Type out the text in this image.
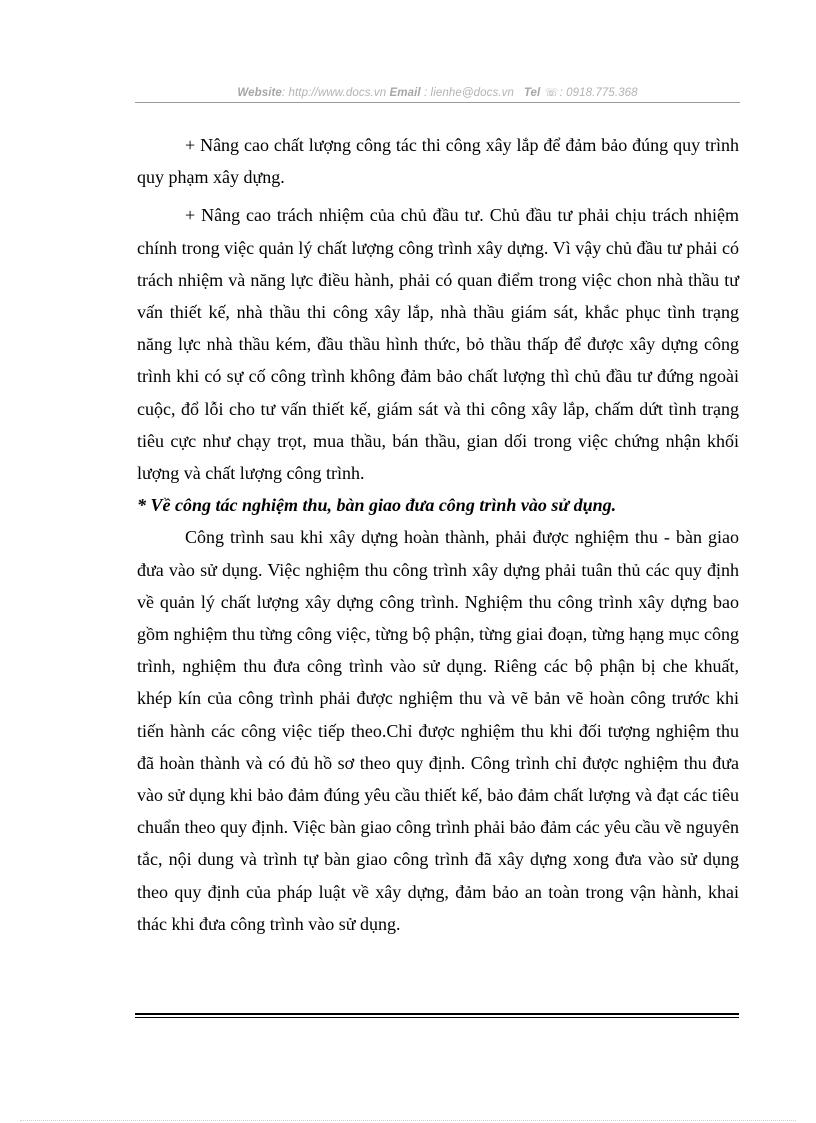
Website: http://www.docs.vn Email : lienhe@docs.vn Tel ☏: 0918.775.368

+ Nâng cao chất lượng công tác thi công xây lắp để đảm bảo đúng quy trình quy phạm xây dựng.

+ Nâng cao trách nhiệm của chủ đầu tư. Chủ đầu tư phải chịu trách nhiệm chính trong việc quản lý chất lượng công trình xây dựng. Vì vậy chủ đầu tư phải có trách nhiệm và năng lực điều hành, phải có quan điểm trong việc chon nhà thầu tư vấn thiết kế, nhà thầu thi công xây lắp, nhà thầu giám sát, khắc phục tình trạng năng lực nhà thầu kém, đầu thầu hình thức, bỏ thầu thấp để được xây dựng công trình khi có sự cố công trình không đảm bảo chất lượng thì chủ đầu tư đứng ngoài cuộc, đổ lỗi cho tư vấn thiết kế, giám sát và thi công xây lắp, chấm dứt tình trạng tiêu cực như chạy trọt, mua thầu, bán thầu, gian dối trong việc chứng nhận khối lượng và chất lượng công trình.

* Về công tác nghiệm thu, bàn giao đưa công trình vào sử dụng.

Công trình sau khi xây dựng hoàn thành, phải được nghiệm thu - bàn giao đưa vào sử dụng. Việc nghiệm thu công trình xây dựng phải tuân thủ các quy định về quản lý chất lượng xây dựng công trình. Nghiệm thu công trình xây dựng bao gồm nghiệm thu từng công việc, từng bộ phận, từng giai đoạn, từng hạng mục công trình, nghiệm thu đưa công trình vào sử dụng. Riêng các bộ phận bị che khuất, khép kín của công trình phải được nghiệm thu và vẽ bản vẽ hoàn công trước khi tiến hành các công việc tiếp theo.Chỉ được nghiệm thu khi đối tượng nghiệm thu đã hoàn thành và có đủ hồ sơ theo quy định. Công trình chỉ được nghiệm thu đưa vào sử dụng khi bảo đảm đúng yêu cầu thiết kế, bảo đảm chất lượng và đạt các tiêu chuẩn theo quy định. Việc bàn giao công trình phải bảo đảm các yêu cầu về nguyên tắc, nội dung và trình tự bàn giao công trình đã xây dựng xong đưa vào sử dụng theo quy định của pháp luật về xây dựng, đảm bảo an toàn trong vận hành, khai thác khi đưa công trình vào sử dụng.
